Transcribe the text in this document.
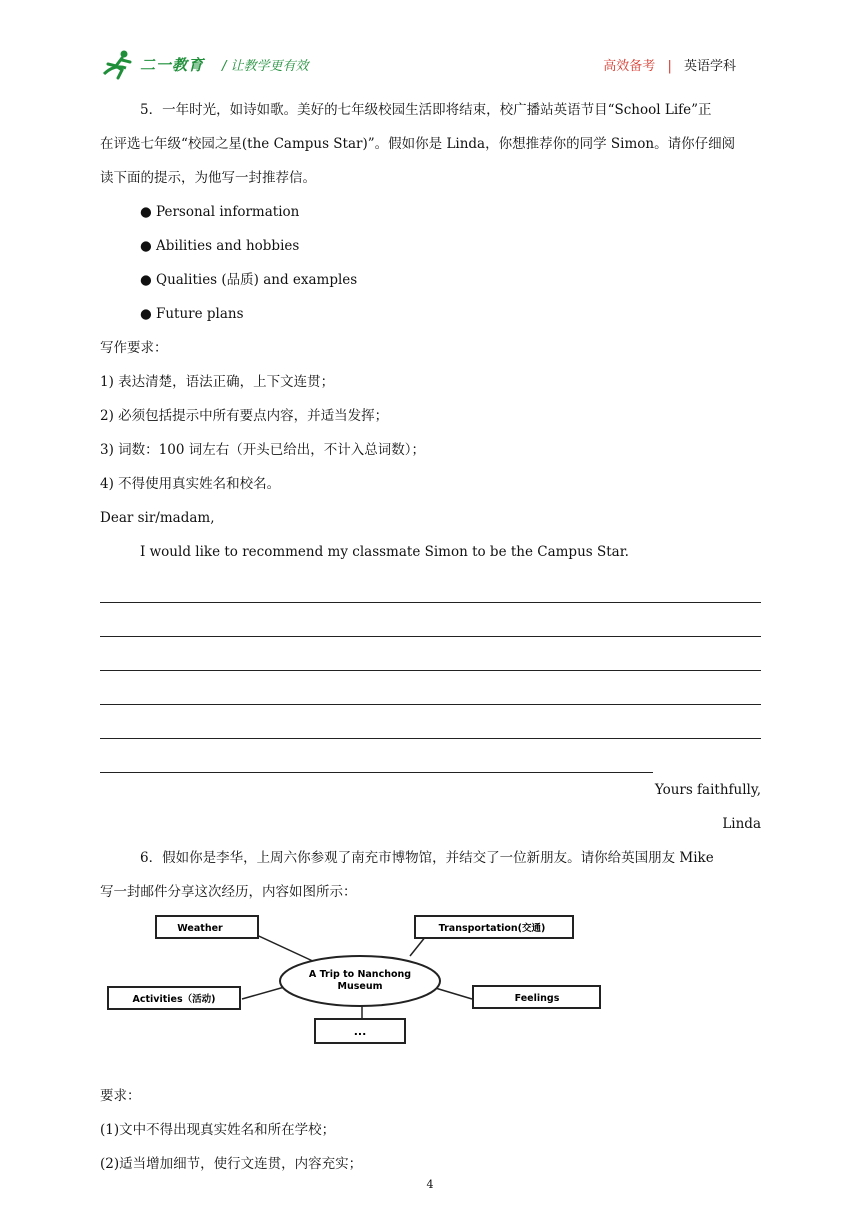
二一教育 / 让教学更有效	高效备考 | 英语学科

5．一年时光，如诗如歌。美好的七年级校园生活即将结束，校广播站英语节目“School Life”正

在评选七年级“校园之星(the Campus Star)”。假如你是 Linda，你想推荐你的同学 Simon。请你仔细阅

读下面的提示，为他写一封推荐信。

● Personal information

● Abilities and hobbies

● Qualities (品质) and examples

● Future plans

写作要求：

1) 表达清楚，语法正确，上下文连贯；

2) 必须包括提示中所有要点内容，并适当发挥；

3) 词数：100 词左右（开头已给出，不计入总词数）；

4) 不得使用真实姓名和校名。

Dear sir/madam,

I would like to recommend my classmate Simon to be the Campus Star.

Yours faithfully,

Linda

6．假如你是李华，上周六你参观了南充市博物馆，并结交了一位新朋友。请你给英国朋友 Mike

写一封邮件分享这次经历，内容如图所示：

A Trip to Nanchong
Museum
Weather	Transportation(交通)
Activities（活动)	Feelings
...

要求：

(1)文中不得出现真实姓名和所在学校；

(2)适当增加细节，使行文连贯，内容充实；

4
